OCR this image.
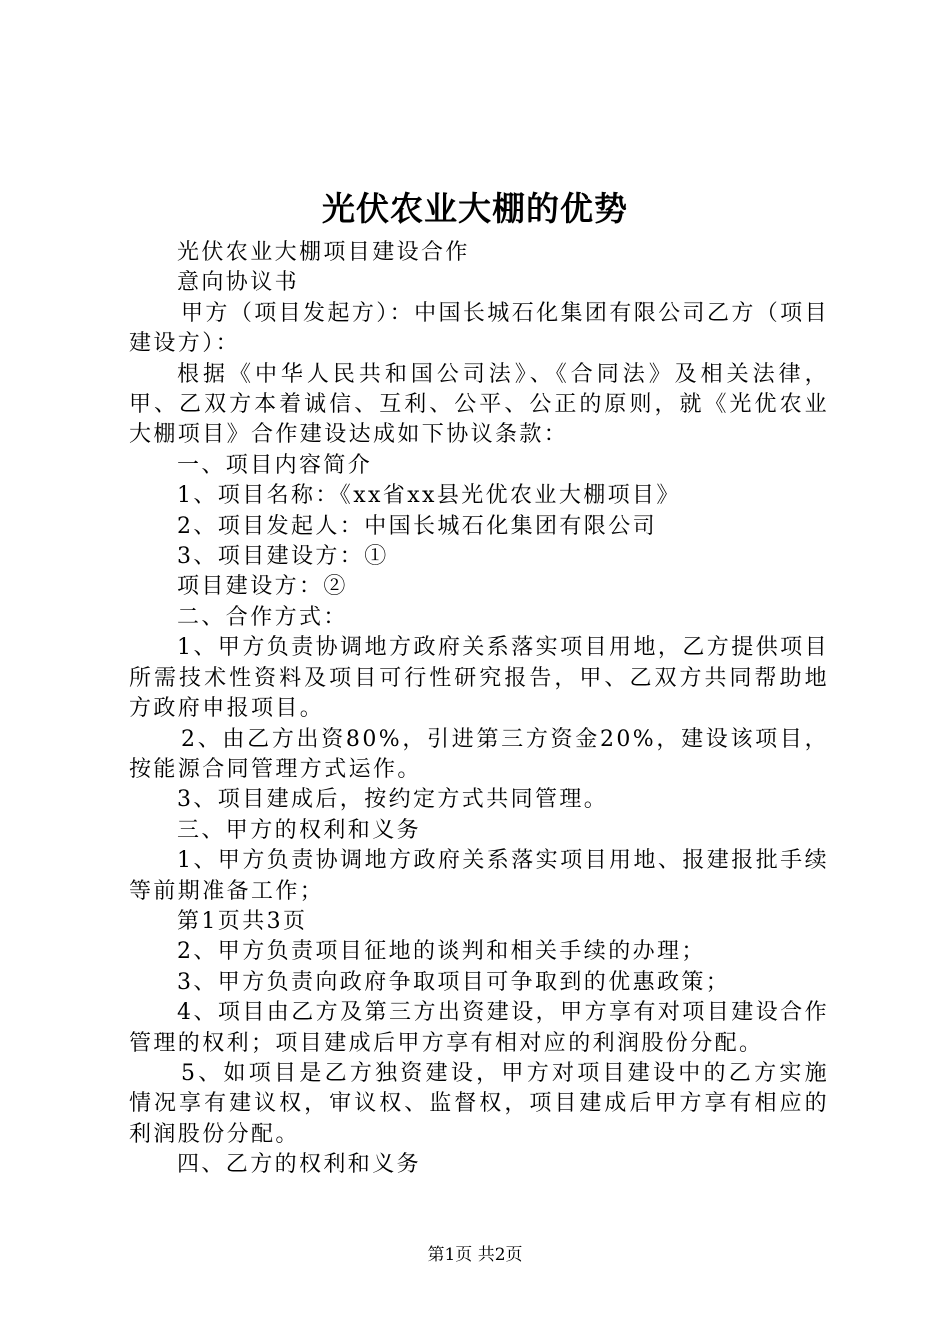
光伏农业大棚的优势

光伏农业大棚项目建设合作

意向协议书

甲方（项目发起方）：中国长城石化集团有限公司乙方（项目建设方）：

根据《中华人民共和国公司法》、《合同法》及相关法律，甲、乙双方本着诚信、互利、公平、公正的原则，就《光优农业大棚项目》合作建设达成如下协议条款：

一、项目内容简介

1、项目名称：《xx省xx县光优农业大棚项目》

2、项目发起人：中国长城石化集团有限公司

3、项目建设方：①

项目建设方：②

二、合作方式：

1、甲方负责协调地方政府关系落实项目用地，乙方提供项目所需技术性资料及项目可行性研究报告，甲、乙双方共同帮助地方政府申报项目。

2、由乙方出资80%，引进第三方资金20%，建设该项目，按能源合同管理方式运作。

3、项目建成后，按约定方式共同管理。

三、甲方的权利和义务

1、甲方负责协调地方政府关系落实项目用地、报建报批手续等前期准备工作；

第1页共3页

2、甲方负责项目征地的谈判和相关手续的办理；

3、甲方负责向政府争取项目可争取到的优惠政策；

4、项目由乙方及第三方出资建设，甲方享有对项目建设合作管理的权利；项目建成后甲方享有相对应的利润股份分配。

5、如项目是乙方独资建设，甲方对项目建设中的乙方实施情况享有建议权，审议权、监督权，项目建成后甲方享有相应的利润股份分配。

四、乙方的权利和义务

第1页 共2页
